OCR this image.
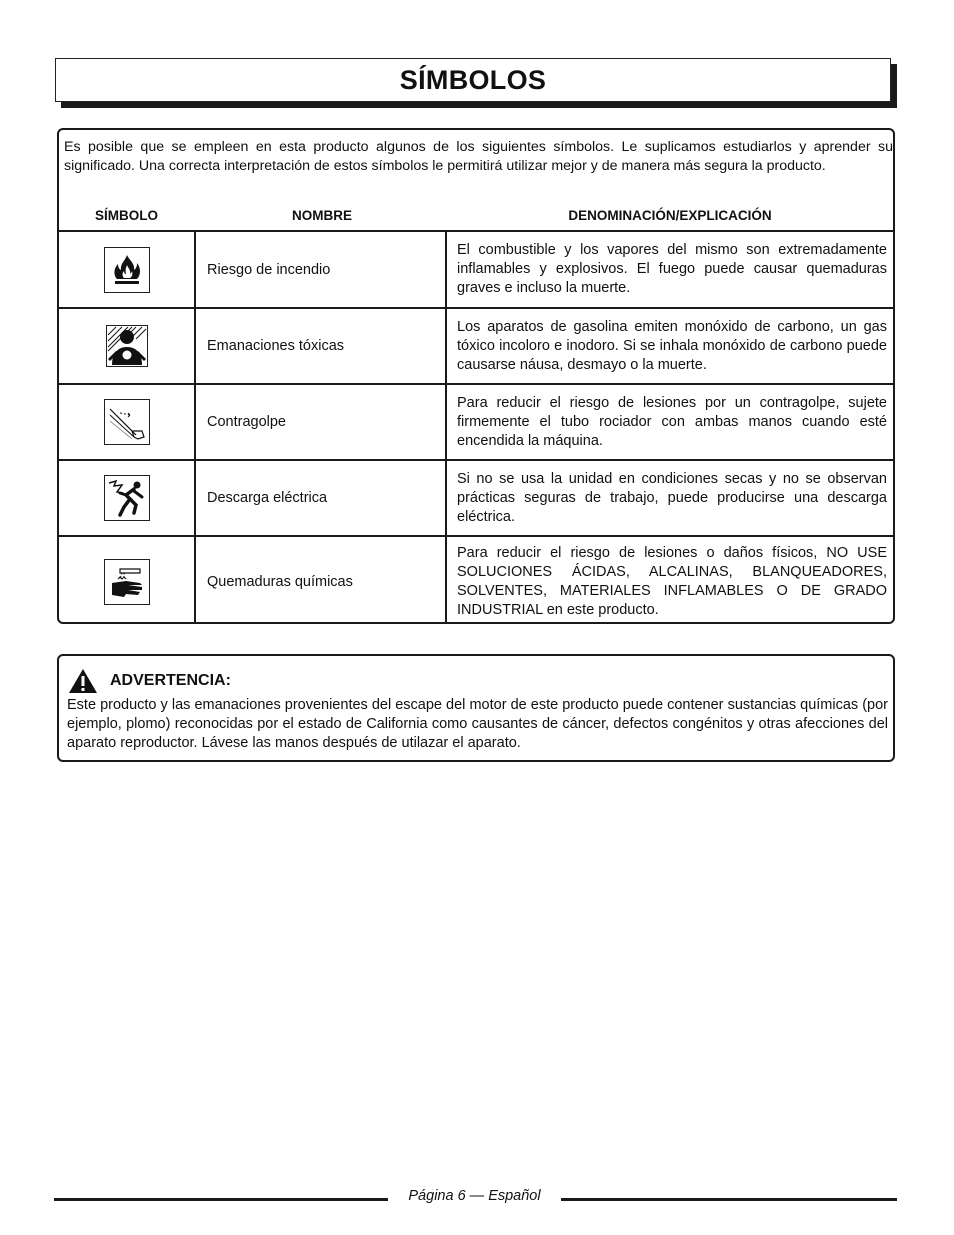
SÍMBOLOS
Es posible que se empleen en esta producto algunos de los siguientes símbolos. Le suplicamos estudiarlos y aprender su significado. Una correcta interpretación de estos símbolos le permitirá utilizar mejor y de manera más segura la producto.
SÍMBOLO	NOMBRE	DENOMINACIÓN/EXPLICACIÓN
Riesgo de incendio
El combustible y los vapores del mismo son extremadamente inflamables y explosivos. El fuego puede causar quemaduras graves e incluso la muerte.
Emanaciones tóxicas
Los aparatos de gasolina emiten monóxido de carbono, un gas tóxico incoloro e inodoro. Si se inhala monóxido de carbono puede causarse náusa, desmayo o la muerte.
Contragolpe
Para reducir el riesgo de lesiones por un contragolpe, sujete firmemente el tubo rociador con ambas manos cuando esté encendida la máquina.
Descarga eléctrica
Si no se usa la unidad en condiciones secas y no se observan prácticas seguras de trabajo, puede producirse una descarga eléctrica.
Quemaduras químicas
Para reducir el riesgo de lesiones o daños físicos, NO USE SOLUCIONES ÁCIDAS, ALCALINAS, BLANQUEADORES, SOLVENTES, MATERIALES INFLAMABLES O DE GRADO INDUSTRIAL en este producto.
ADVERTENCIA:
Este producto y las emanaciones provenientes del escape del motor de este producto puede contener sustancias químicas (por ejemplo, plomo) reconocidas por el estado de California como causantes de cáncer, defectos congénitos y otras afecciones del aparato reproductor. Lávese las manos después de utilazar el aparato.
Página 6 — Español
